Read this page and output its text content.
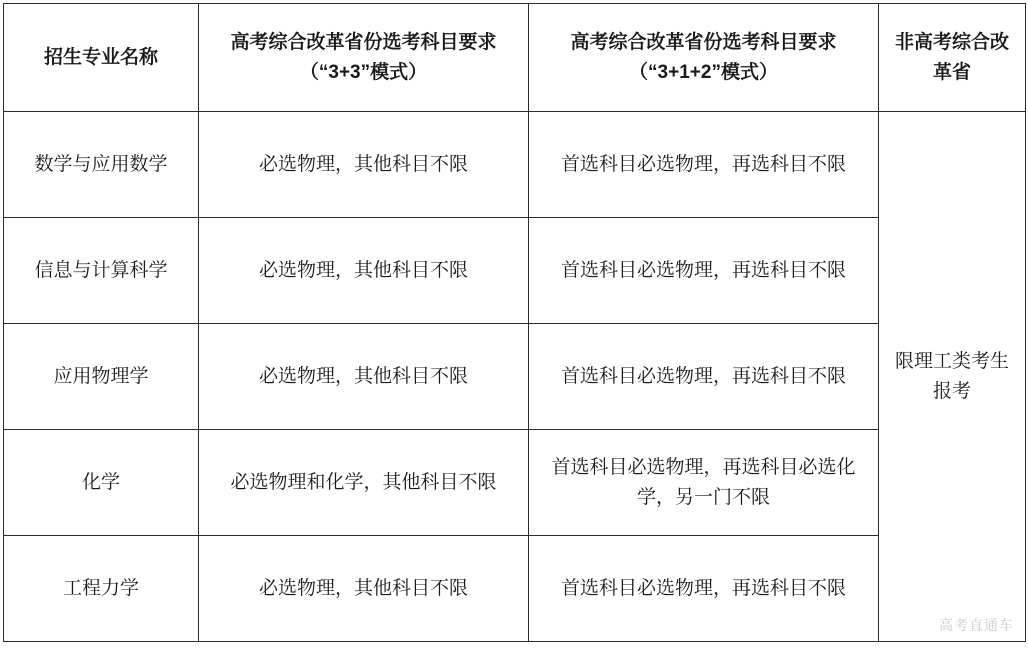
招生专业名称	高考综合改革省份选考科目要求（“3+3”模式）	高考综合改革省份选考科目要求（“3+1+2”模式）	非高考综合改革省
数学与应用数学	必选物理，其他科目不限	首选科目必选物理，再选科目不限	限理工类考生报考
信息与计算科学	必选物理，其他科目不限	首选科目必选物理，再选科目不限	
应用物理学	必选物理，其他科目不限	首选科目必选物理，再选科目不限	
化学	必选物理和化学，其他科目不限	首选科目必选物理，再选科目必选化学，另一门不限	
工程力学	必选物理，其他科目不限	首选科目必选物理，再选科目不限	
高考直通车
